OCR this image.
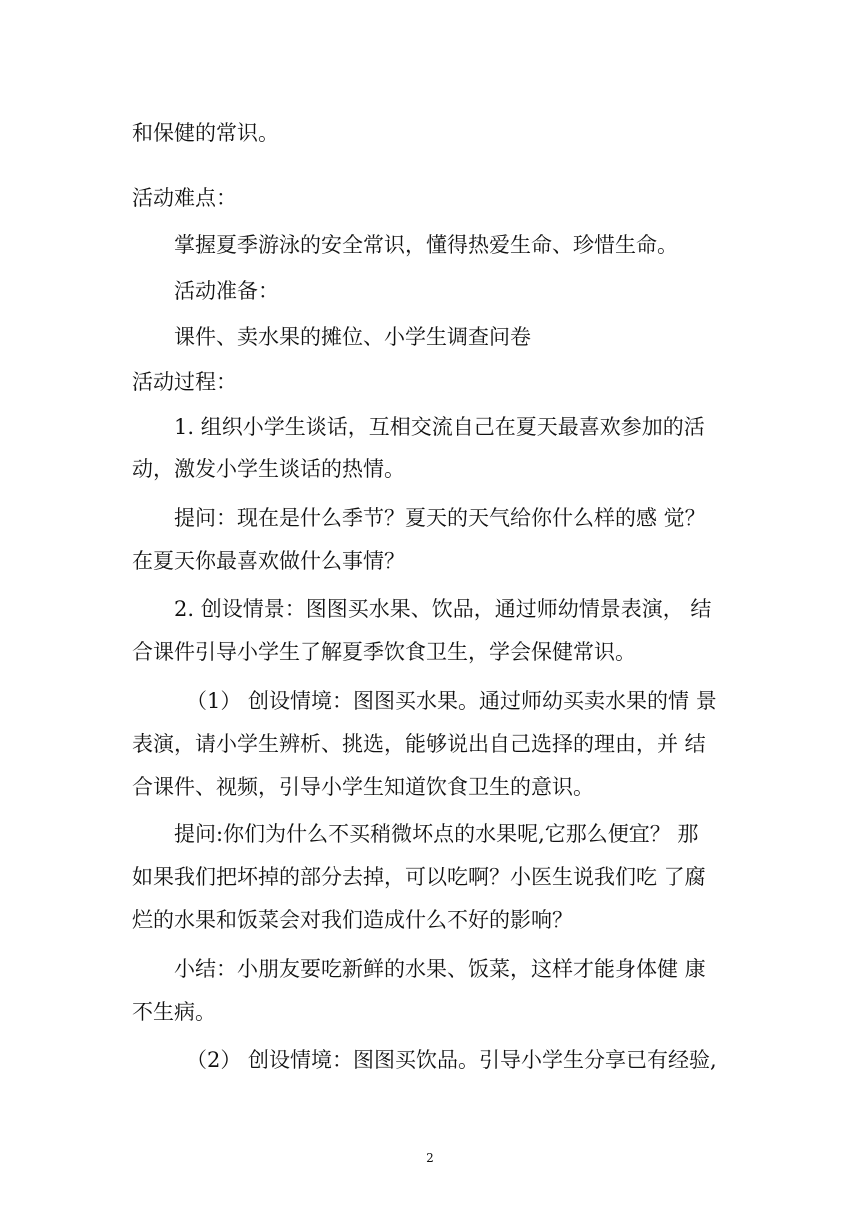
和保健的常识。
活动难点：
掌握夏季游泳的安全常识，懂得热爱生命、珍惜生命。
活动准备：
课件、卖水果的摊位、小学生调查问卷
活动过程：
1. 组织小学生谈话，互相交流自己在夏天最喜欢参加的活
动，激发小学生谈话的热情。
提问：现在是什么季节？夏天的天气给你什么样的感 觉？
在夏天你最喜欢做什么事情？
2. 创设情景：图图买水果、饮品，通过师幼情景表演， 结
合课件引导小学生了解夏季饮食卫生，学会保健常识。
（1） 创设情境：图图买水果。通过师幼买卖水果的情 景
表演，请小学生辨析、挑选，能够说出自己选择的理由，并 结
合课件、视频，引导小学生知道饮食卫生的意识。
提问:你们为什么不买稍微坏点的水果呢,它那么便宜？ 那
如果我们把坏掉的部分去掉，可以吃啊？小医生说我们吃 了腐
烂的水果和饭菜会对我们造成什么不好的影响？
小结：小朋友要吃新鲜的水果、饭菜，这样才能身体健 康
不生病。
（2） 创设情境：图图买饮品。引导小学生分享已有经验,
2
